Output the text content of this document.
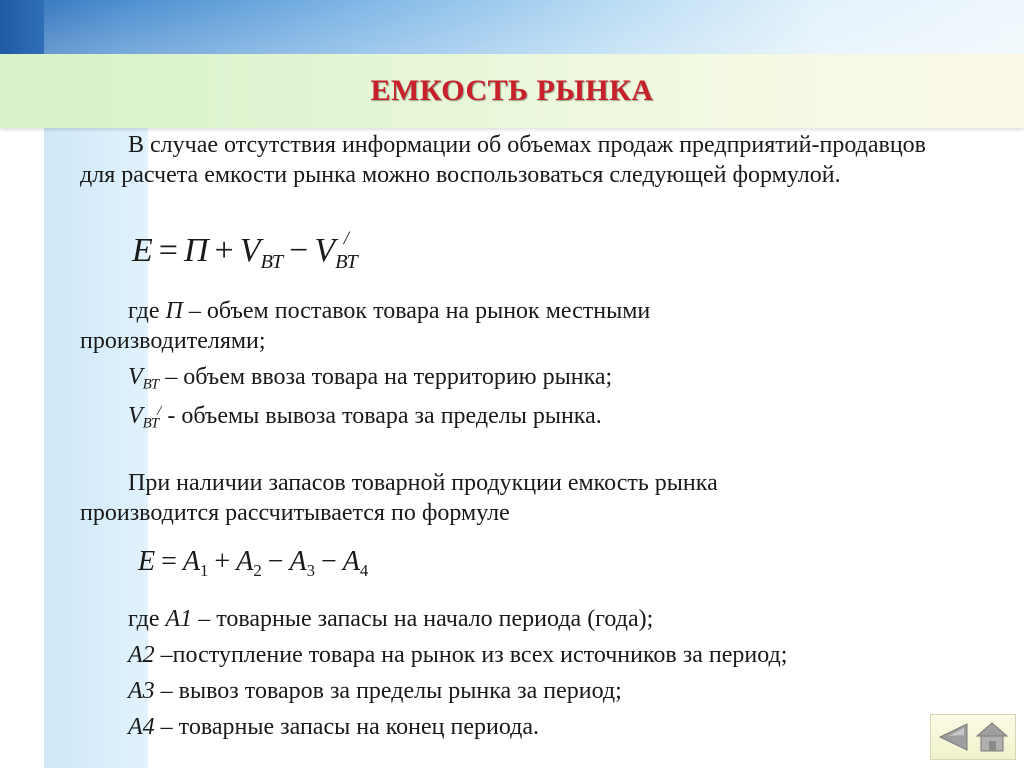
ЕМКОСТЬ РЫНКА

В случае отсутствия информации об объемах продаж предприятий-продавцов для расчета емкости рынка можно воспользоваться следующей формулой.

$E = П + V_{ВТ} - V_{ВТ}^/$

где П – объем поставок товара на рынок местными

производителями;

VВТ – объем ввоза товара на территорию рынка;

VВТ/ - объемы вывоза товара за пределы рынка.

При наличии запасов товарной продукции емкость рынка

производится рассчитывается по формуле

$E = A_1 + A_2 - A_3 - A_4$

где А1 – товарные запасы на начало периода (года);

А2 –поступление товара на рынок из всех источников за период;

А3 – вывоз товаров за пределы рынка за период;

А4 – товарные запасы на конец периода.
